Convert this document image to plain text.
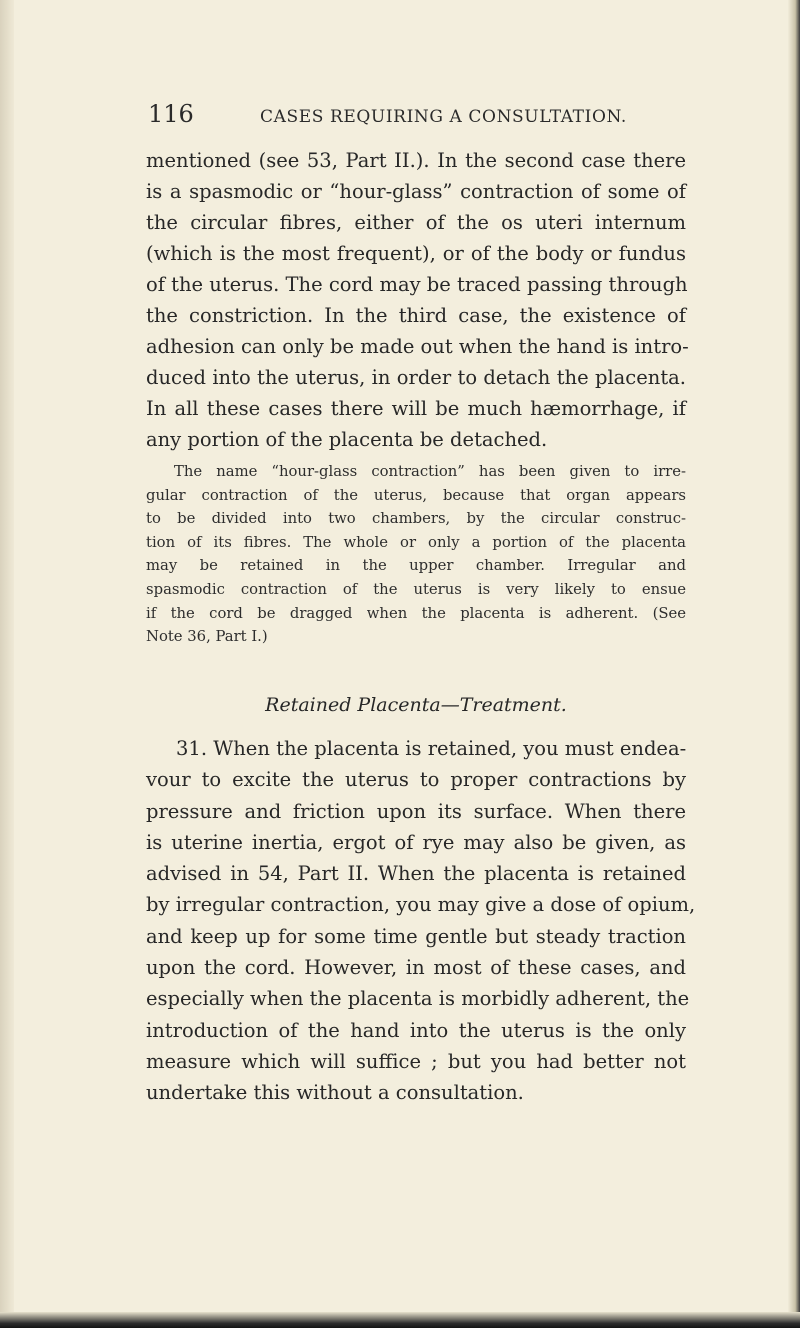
116	CASES REQUIRING A CONSULTATION.
mentioned (see 53, Part II.). In the second case there
is a spasmodic or “hour-glass” contraction of some of
the circular fibres, either of the os uteri internum
(which is the most frequent), or of the body or fundus
of the uterus. The cord may be traced passing through
the constriction. In the third case, the existence of
adhesion can only be made out when the hand is intro-
duced into the uterus, in order to detach the placenta.
In all these cases there will be much hæmorrhage, if
any portion of the placenta be detached.
The name “hour-glass contraction” has been given to irre-
gular contraction of the uterus, because that organ appears
to be divided into two chambers, by the circular construc-
tion of its fibres. The whole or only a portion of the placenta
may be retained in the upper chamber. Irregular and
spasmodic contraction of the uterus is very likely to ensue
if the cord be dragged when the placenta is adherent. (See
Note 36, Part I.)
Retained Placenta—Treatment.
31. When the placenta is retained, you must endea-
vour to excite the uterus to proper contractions by
pressure and friction upon its surface. When there
is uterine inertia, ergot of rye may also be given, as
advised in 54, Part II. When the placenta is retained
by irregular contraction, you may give a dose of opium,
and keep up for some time gentle but steady traction
upon the cord. However, in most of these cases, and
especially when the placenta is morbidly adherent, the
introduction of the hand into the uterus is the only
measure which will suffice ; but you had better not
undertake this without a consultation.
